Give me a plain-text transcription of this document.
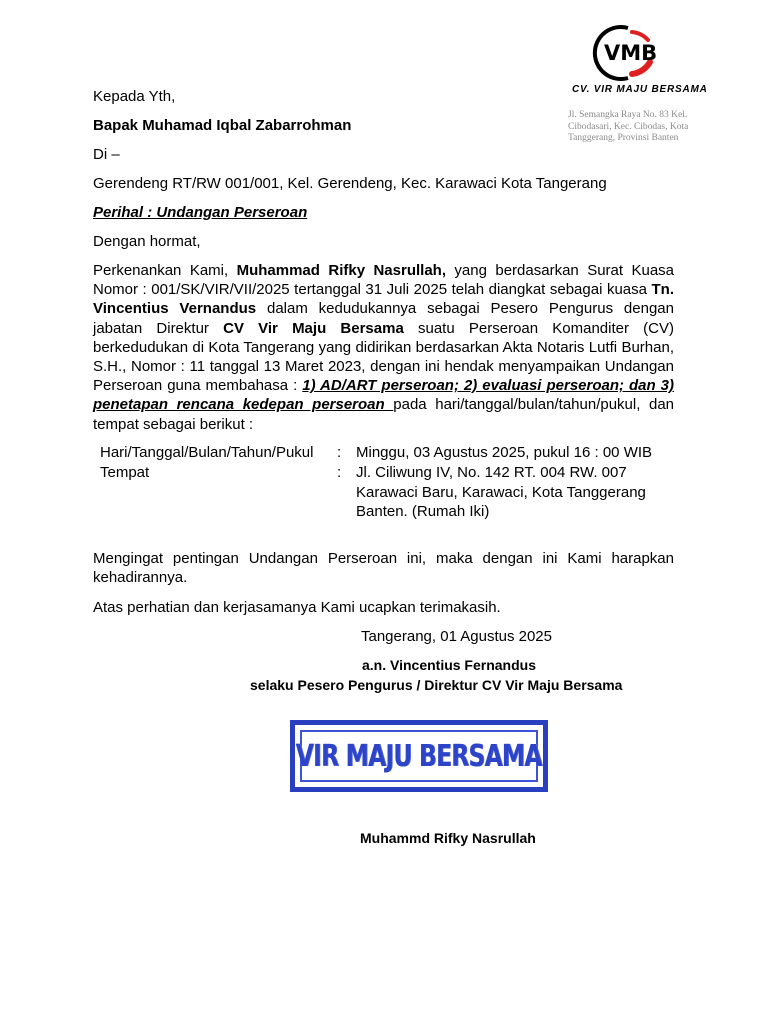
VMB
CV. VIR MAJU BERSAMA
Jl. Semangka Raya No. 83 Kel. Cibodasari, Kec. Cibodas, Kota Tanggerang, Provinsi Banten
Kepada Yth,
Bapak Muhamad Iqbal Zabarrohman
Di –
Gerendeng RT/RW 001/001, Kel. Gerendeng, Kec. Karawaci Kota Tangerang
Perihal : Undangan Perseroan
Dengan hormat,
Perkenankan Kami, Muhammad Rifky Nasrullah, yang berdasarkan Surat Kuasa Nomor : 001/SK/VIR/VII/2025 tertanggal 31 Juli 2025 telah diangkat sebagai kuasa Tn. Vincentius Vernandus dalam kedudukannya sebagai Pesero Pengurus dengan jabatan Direktur CV Vir Maju Bersama suatu Perseroan Komanditer (CV) berkedudukan di Kota Tangerang yang didirikan berdasarkan Akta Notaris Lutfi Burhan, S.H., Nomor : 11 tanggal 13 Maret 2023, dengan ini hendak menyampaikan Undangan Perseroan guna membahasa : 1) AD/ART perseroan; 2) evaluasi perseroan; dan 3) penetapan rencana kedepan perseroan pada hari/tanggal/bulan/tahun/pukul, dan tempat sebagai berikut :
Hari/Tanggal/Bulan/Tahun/Pukul : Minggu, 03 Agustus 2025, pukul 16 : 00 WIB
Tempat	: Jl. Ciliwung IV, No. 142 RT. 004 RW. 007 Karawaci Baru, Karawaci, Kota Tanggerang Banten. (Rumah Iki)
Mengingat pentingan Undangan Perseroan ini, maka dengan ini Kami harapkan kehadirannya.
Atas perhatian dan kerjasamanya Kami ucapkan terimakasih.
Tangerang, 01 Agustus 2025
a.n. Vincentius Fernandus
selaku Pesero Pengurus / Direktur CV Vir Maju Bersama
VIR MAJU BERSAMA
Muhammd Rifky Nasrullah
